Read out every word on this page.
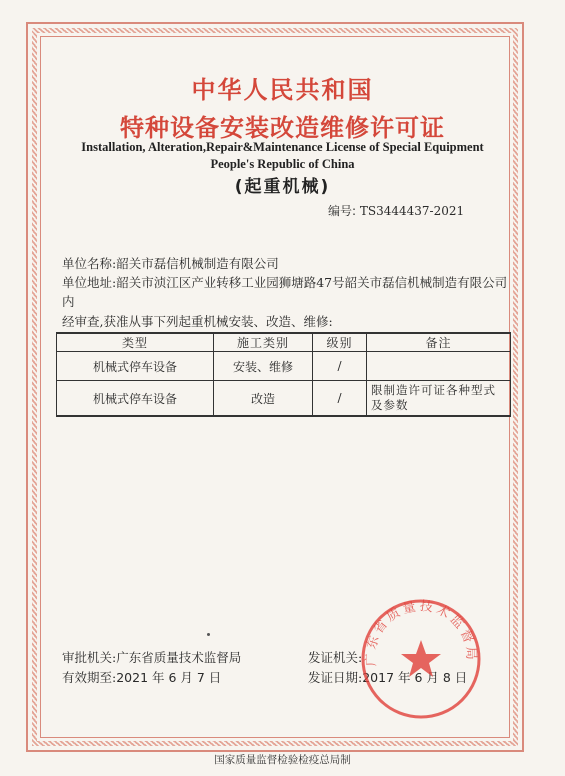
中华人民共和国
特种设备安装改造维修许可证
Installation, Alteration,Repair&Maintenance License of Special Equipment
People's Republic of China
(起重机械)
编号: TS3444437-2021
单位名称:韶关市磊信机械制造有限公司
单位地址:韶关市浈江区产业转移工业园狮塘路47号韶关市磊信机械制造有限公司内
经审查,获准从事下列起重机械安装、改造、维修:
类型	施工类别	级别	备注
机械式停车设备	安装、维修	/	
机械式停车设备	改造	/	限制造许可证各种型式及参数
审批机关:广东省质量技术监督局
有效期至:2021 年 6 月 7 日
发证机关:
发证日期:2017 年 6 月 8 日
广东省质量技术监督局
国家质量监督检验检疫总局制
